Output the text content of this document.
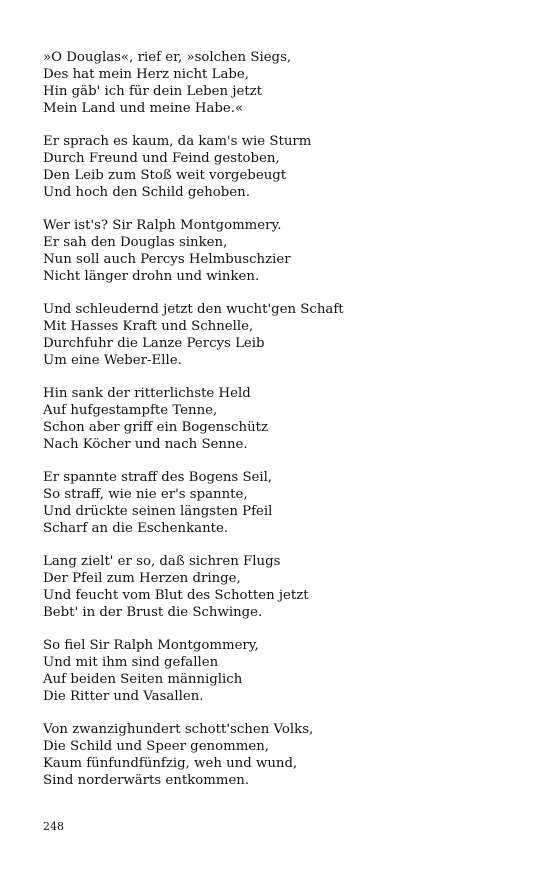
»O Douglas«, rief er, »solchen Siegs,
Des hat mein Herz nicht Labe,
Hin gäb' ich für dein Leben jetzt
Mein Land und meine Habe.«
Er sprach es kaum, da kam's wie Sturm
Durch Freund und Feind gestoben,
Den Leib zum Stoß weit vorgebeugt
Und hoch den Schild gehoben.
Wer ist's? Sir Ralph Montgommery.
Er sah den Douglas sinken,
Nun soll auch Percys Helmbuschzier
Nicht länger drohn und winken.
Und schleudernd jetzt den wucht'gen Schaft
Mit Hasses Kraft und Schnelle,
Durchfuhr die Lanze Percys Leib
Um eine Weber-Elle.
Hin sank der ritterlichste Held
Auf hufgestampfte Tenne,
Schon aber griff ein Bogenschütz
Nach Köcher und nach Senne.
Er spannte straff des Bogens Seil,
So straff, wie nie er's spannte,
Und drückte seinen längsten Pfeil
Scharf an die Eschenkante.
Lang zielt' er so, daß sichren Flugs
Der Pfeil zum Herzen dringe,
Und feucht vom Blut des Schotten jetzt
Bebt' in der Brust die Schwinge.
So fiel Sir Ralph Montgommery,
Und mit ihm sind gefallen
Auf beiden Seiten männiglich
Die Ritter und Vasallen.
Von zwanzighundert schott'schen Volks,
Die Schild und Speer genommen,
Kaum fünfundfünfzig, weh und wund,
Sind norderwärts entkommen.
248
